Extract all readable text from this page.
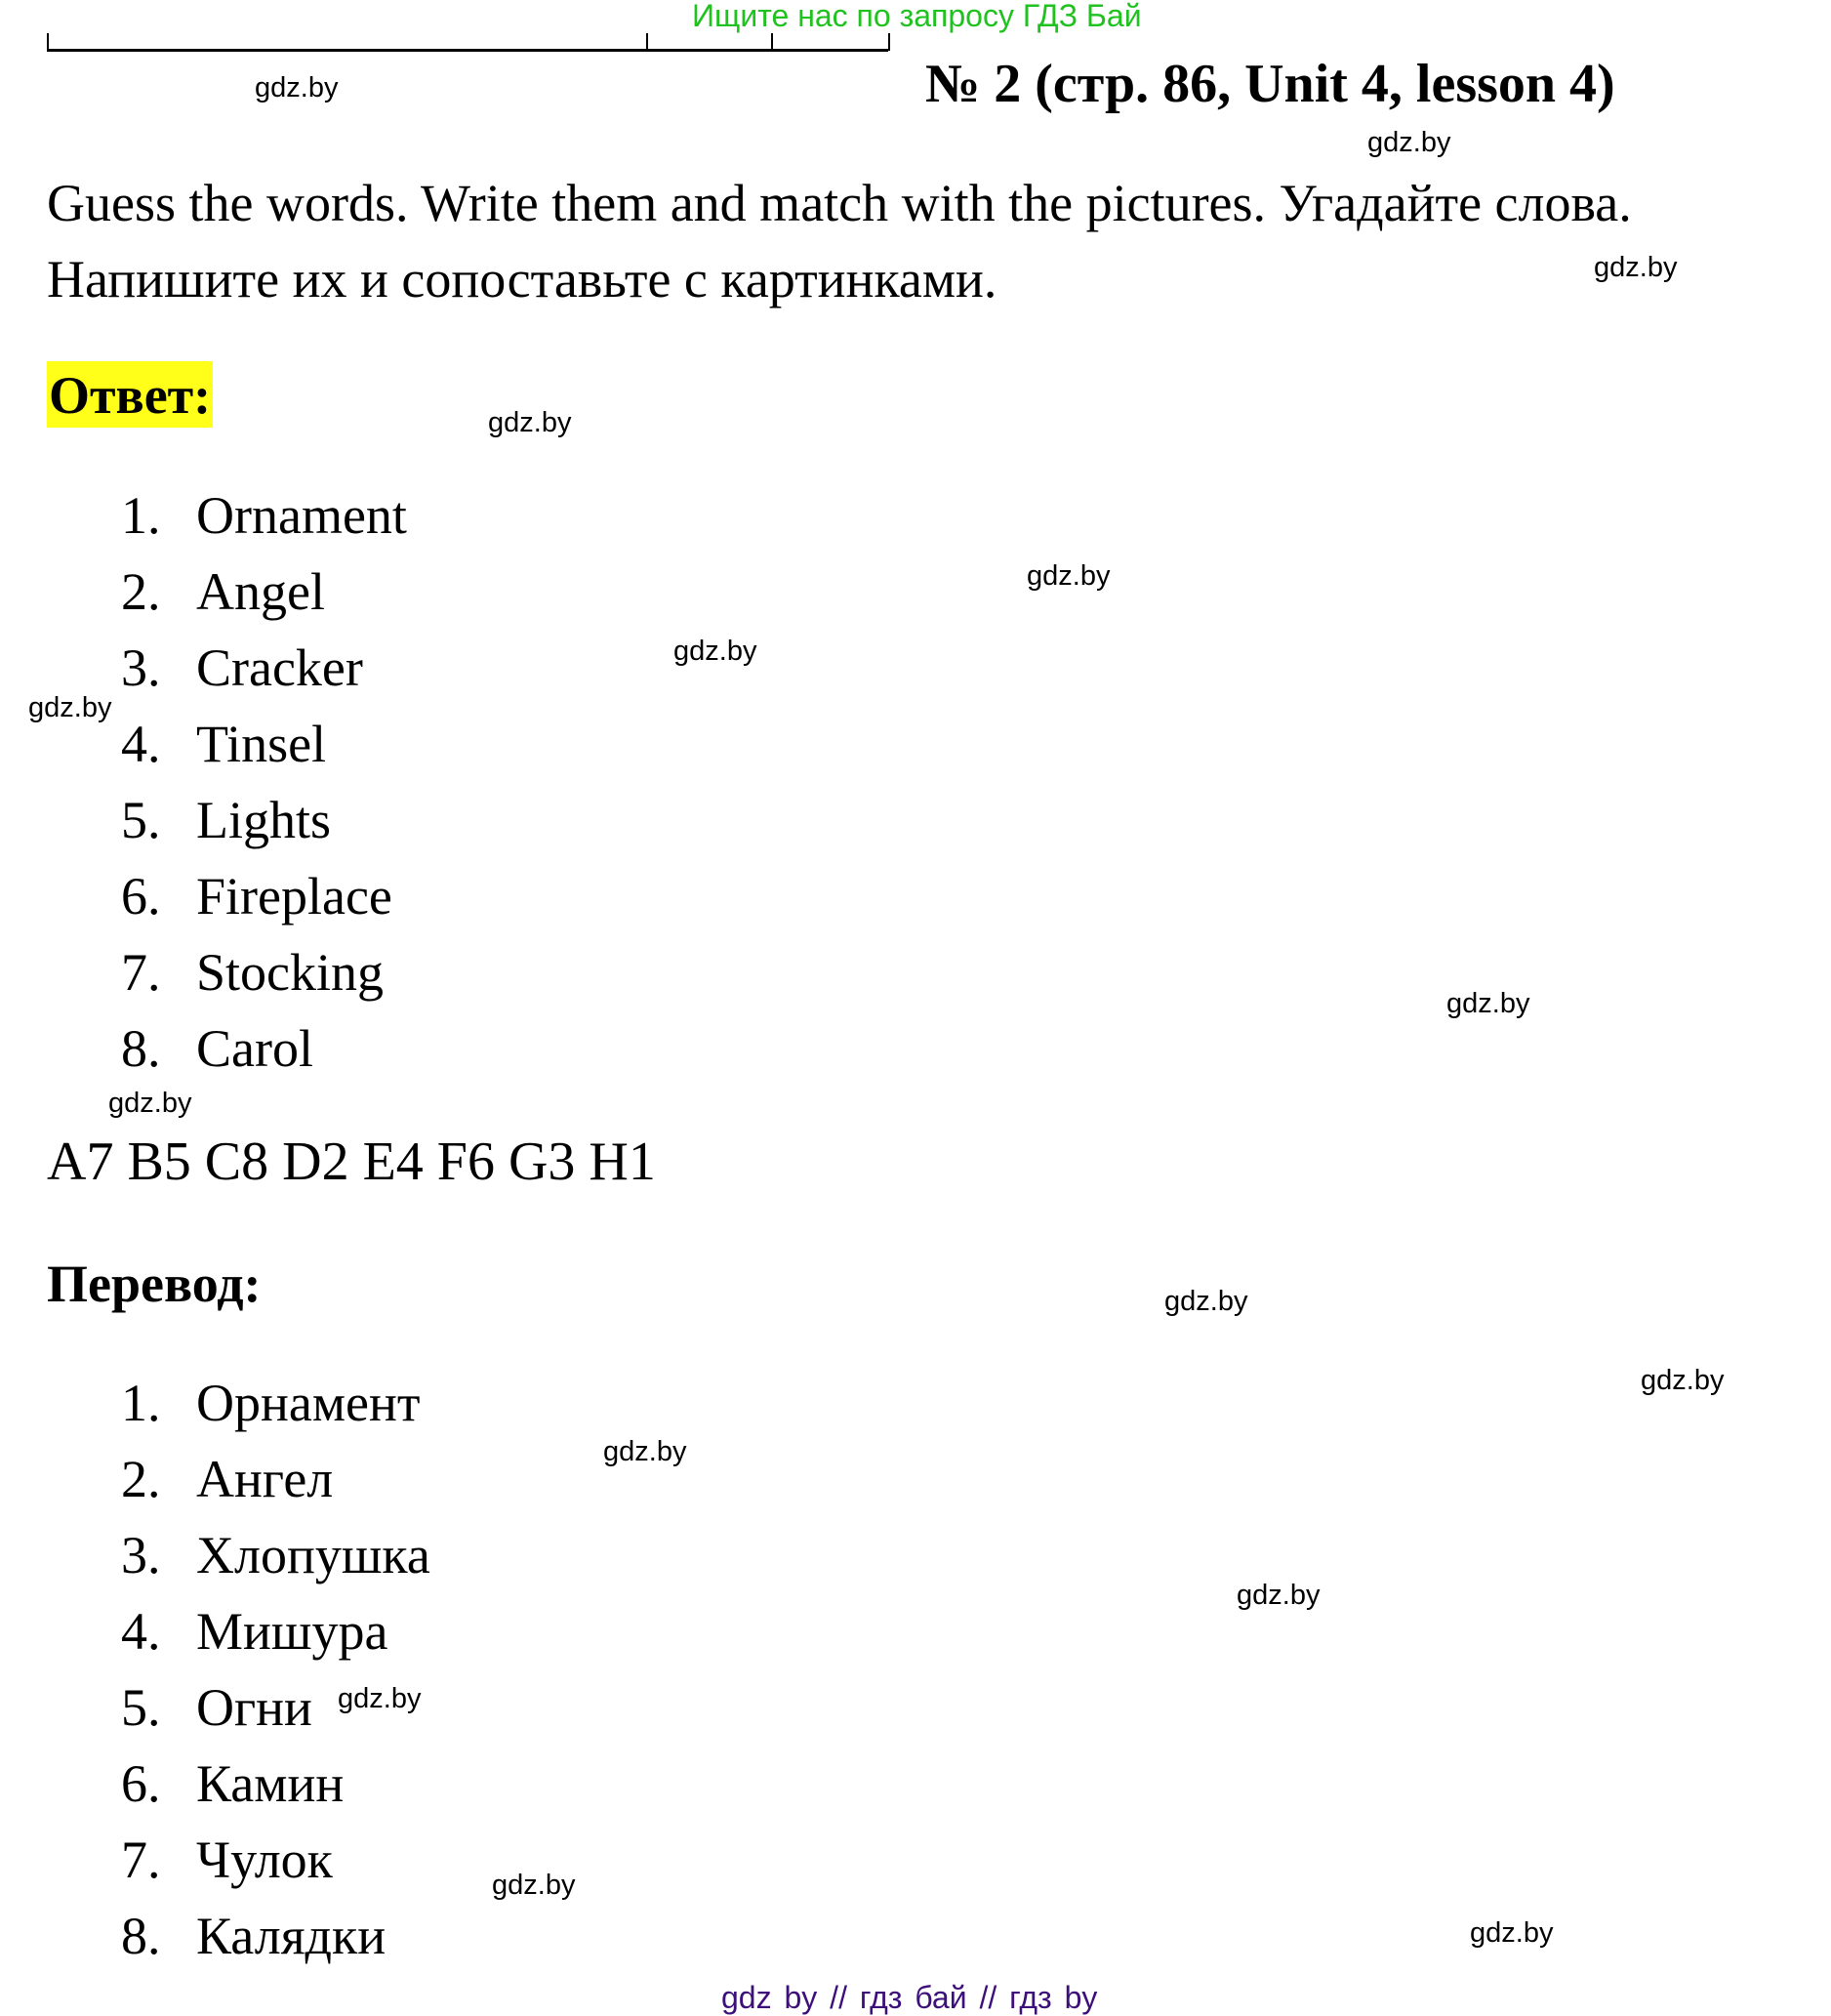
Ищите нас по запросу ГДЗ Бай
№ 2 (стр. 86, Unit 4, lesson 4)
Guess the words. Write them and match with the pictures. Угадайте слова.
Напишите их и сопоставьте с картинками.
Ответ:
1. Ornament
2. Angel
3. Cracker
4. Tinsel
5. Lights
6. Fireplace
7. Stocking
8. Carol
A7 B5 C8 D2 E4 F6 G3 H1
Перевод:
1. Орнамент
2. Ангел
3. Хлопушка
4. Мишура
5. Огни
6. Камин
7. Чулок
8. Калядки
gdz.by
gdz.by
gdz.by
gdz.by
gdz.by
gdz.by
gdz.by
gdz.by
gdz.by
gdz.by
gdz.by
gdz.by
gdz.by
gdz.by
gdz.by
gdz.by
gdz by // гдз бай // гдз by
